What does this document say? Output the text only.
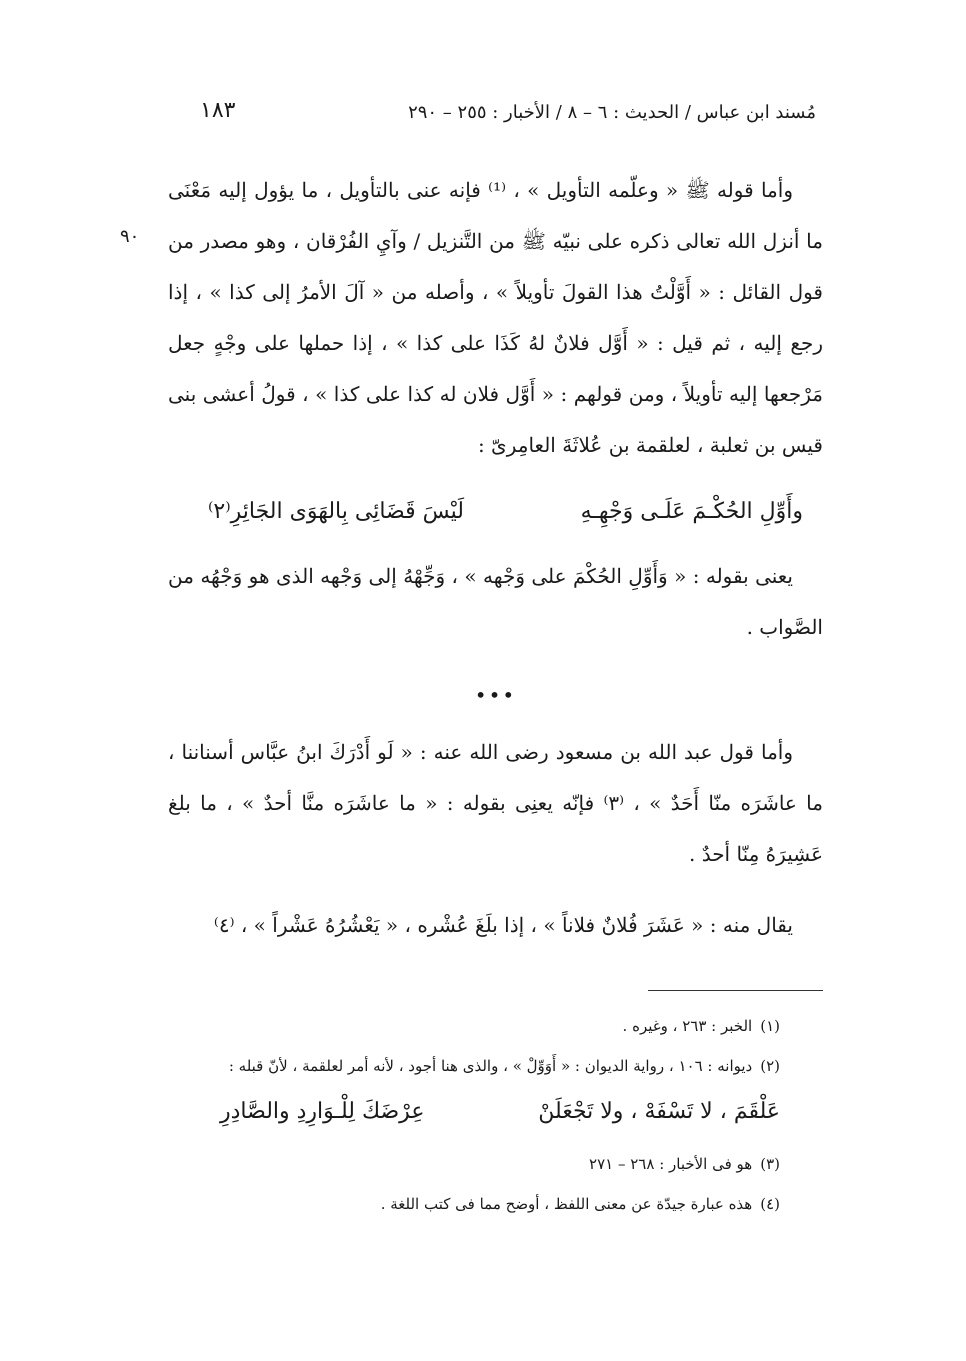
مُسند ابن عباس / الحديث : ٦ – ٨ / الأخبار : ٢٥٥ – ٢٩٠
١٨٣
٩٠

وأما قوله ﷺ « وعلّمه التأويل » ، ⁽¹⁾ فإنه عنى بالتأويل ، ما يؤول إليه مَعْنَى ما أنزل الله تعالى ذكره على نبيّه ﷺ من التَّنزيل / وآيِ الفُرْقان ، وهو مصدر من قول القائل : « أَوَّلْتُ هذا القولَ تأويلاً » ، وأصله من « آلَ الأمرُ إلى كذا » ، إذا رجع إليه ، ثم قيل : « أَوَّل فلانٌ لهُ كَذَا على كذا » ، إذا حملها على وجْهٍ جعل مَرْجعها إليه تأويلاً ، ومن قولهم : « أَوَّل فلان له كذا على كذا » ، قولُ أعشى بنى قيس بن ثعلبة ، لعلقمة بن عُلاثَةَ العامِرىّ :

وأَوِّلِ الحُكْـمَ عَلَـى وَجْهِـهِ
لَيْسَ قَضَائِى بِالهَوَى الجَائِرِ⁽٢⁾

يعنى بقوله : « وَأَوِّلِ الحُكْمَ على وَجْهه » ، وَجِّهْهُ إلى وَجْهه الذى هو وَجْهُه من الصَّواب .

•••

وأما قول عبد الله بن مسعود رضى الله عنه : « لَو أَدْرَكَ ابنُ عبَّاس أسناننا ، ما عاشَرَه منّا أَحَدٌ » ، ⁽٣⁾ فإنّه يعنِى بقوله : « ما عاشَرَه منَّا أحدٌ » ، ما بلغ عَشِيرَهُ مِنّا أحدٌ .

يقال منه : « عَشَرَ فُلانٌ فلاناً » ، إذا بلَغَ عُشْره ، « يَعْشُرُهُ عَشْراً » ، ⁽٤⁾

(١)الخبر : ٢٦٣ ، وغيره .

(٢)ديوانه : ١٠٦ ، رواية الديوان : « أَوَوِّلْ » ، والذى هنا أجود ، لأنه أمر لعلقمة ، لأنّ قبله :

عَلْقَمَ ، لا تَسْفَهْ ، ولا تَجْعَلَنْ
عِرْضَكَ لِلْـوَارِدِ والصَّادِرِ

(٣)هو فى الأخبار : ٢٦٨ – ٢٧١

(٤)هذه عبارة جيدّة عن معنى اللفظ ، أوضح مما فى كتب اللغة .
